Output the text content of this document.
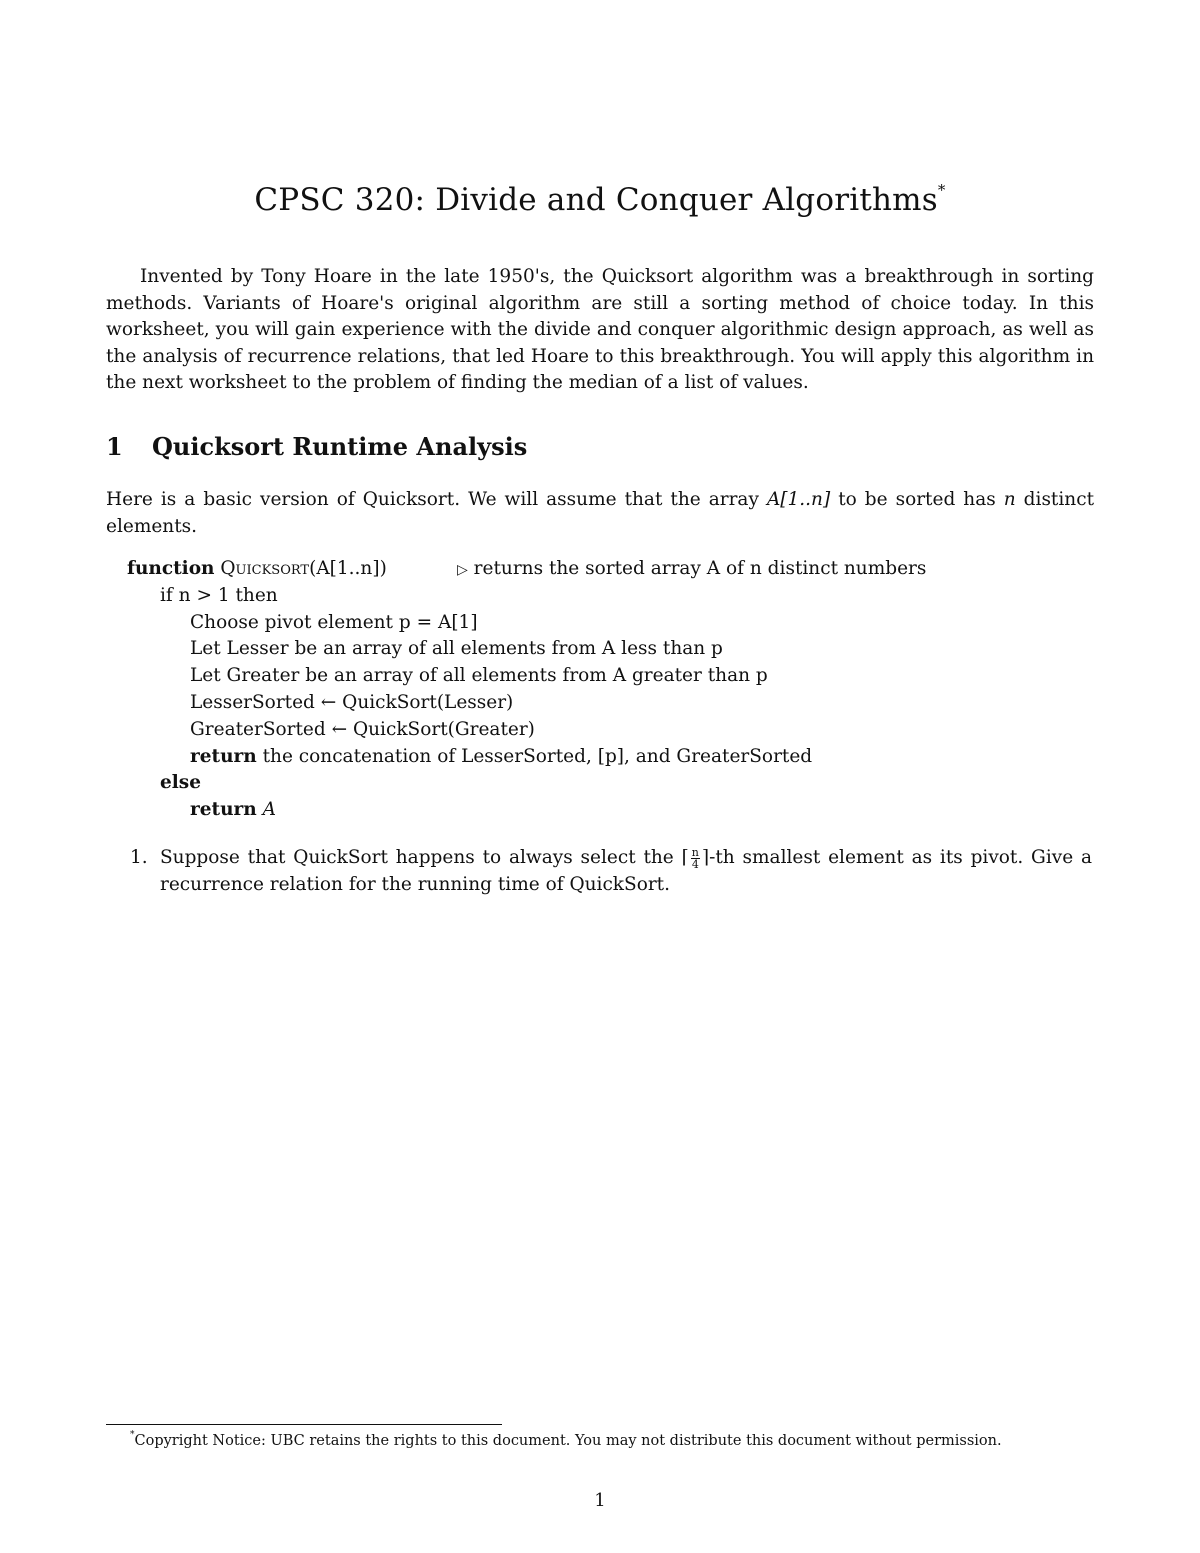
CPSC 320: Divide and Conquer Algorithms*

Invented by Tony Hoare in the late 1950's, the Quicksort algorithm was a breakthrough in sorting methods. Variants of Hoare's original algorithm are still a sorting method of choice today. In this worksheet, you will gain experience with the divide and conquer algorithmic design approach, as well as the analysis of recurrence relations, that led Hoare to this breakthrough. You will apply this algorithm in the next worksheet to the problem of finding the median of a list of values.

1 Quicksort Runtime Analysis

Here is a basic version of Quicksort. We will assume that the array A[1..n] to be sorted has n distinct elements.

function Quicksort(A[1..n])	▷ returns the sorted array A of n distinct numbers
if n > 1 then
Choose pivot element p = A[1]
Let Lesser be an array of all elements from A less than p
Let Greater be an array of all elements from A greater than p
LesserSorted ← QuickSort(Lesser)
GreaterSorted ← QuickSort(Greater)
return the concatenation of LesserSorted, [p], and GreaterSorted
else
return A
1. Suppose that QuickSort happens to always select the ⌈ $\frac{n}{4}$ ⌉-th smallest element as its pivot. Give a recurrence relation for the running time of QuickSort.
*Copyright Notice: UBC retains the rights to this document. You may not distribute this document without permission.
1
